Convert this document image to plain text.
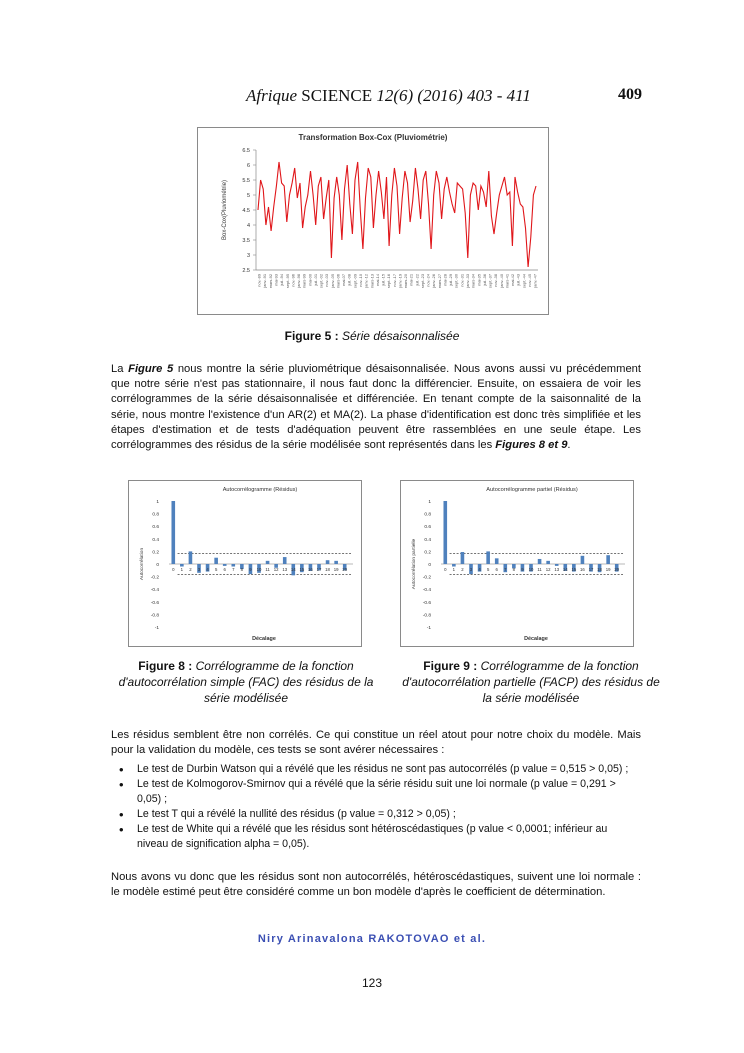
Afrique SCIENCE 12(6) (2016) 403 - 411	409
Transformation Box-Cox (Pluviométrie)
2.5
3
3.5
4
4.5
5
5.5
6
6.5
Box-Cox(Pluviométrie)
nov.-89 janv.-91 mars-92 mai-93 juil.-94 sept.-95 nov.-96 janv.-98 mars-99 mai-00 juil.-01 sept.-02 nov.-03 janv.-05 mars-06 mai-07 juil.-08 sept.-09 nov.-10 janv.-12 mars-13 mai-14 juil.-15 sept.-16 nov.-17 janv.-19 mars-20 mai-21 juil.-22 sept.-23 nov.-24 janv.-26 mars-27 mai-28 juil.-29 sept.-30 nov.-31 janv.-33 mars-34 mai-35 juil.-36 sept.-37 nov.-38 janv.-40 mars-41 mai-42 juil.-43 sept.-44 nov.-45 janv.-47
Figure 5 : Série désaisonnalisée
La Figure 5 nous montre la série pluviométrique désaisonnalisée. Nous avons aussi vu précédemment que notre série n'est pas stationnaire, il nous faut donc la différencier. Ensuite, on essaiera de voir les corrélogrammes de la série désaisonnalisée et différenciée. En tenant compte de la saisonnalité de la série, nous montre l'existence d'un AR(2) et MA(2). La phase d'identification est donc très simplifiée et les étapes d'estimation et de tests d'adéquation peuvent être rassemblées en une seule étape. Les corrélogrammes des résidus de la série modélisée sont représentés dans les Figures 8 et 9.
Autocorrélogramme (Résidus)
-1
-0.8
-0.6
-0.4
-0.2
0
0.2
0.4
0.6
0.8
1
Autocorrélation	0 1 2 3 4 5 6 7 8 9 10 11 12 13 14 15 16 17 18 19 20
Décalage
Figure 8 : Corrélogramme de la fonction d'autocorrélation simple (FAC) des résidus de la série modélisée
Autocorrélogramme partiel (Résidus)
-1
-0.8
-0.6
-0.4
-0.2
0
0.2
0.4
0.6
0.8
1
Autocorrélation partielle	0 1 2 3 4 5 6 7 8 9 10 11 12 13 14 15 16 17 18 19 20
Décalage
Figure 9 : Corrélogramme de la fonction d'autocorrélation partielle (FACP) des résidus de la série modélisée
Les résidus semblent être non corrélés. Ce qui constitue un réel atout pour notre choix du modèle. Mais pour la validation du modèle, ces tests se sont avérer nécessaires :
• Le test de Durbin Watson qui a révélé que les résidus ne sont pas autocorrélés (p value = 0,515 > 0,05) ;
• Le test de Kolmogorov-Smirnov qui a révélé que la série résidu suit une loi normale (p value = 0,291 > 0,05) ;
• Le test T qui a révélé la nullité des résidus (p value = 0,312 > 0,05) ;
• Le test de White qui a révélé que les résidus sont hétéroscédastiques (p value < 0,0001; inférieur au niveau de signification alpha = 0,05).
Nous avons vu donc que les résidus sont non autocorrélés, hétéroscédastiques, suivent une loi normale : le modèle estimé peut être considéré comme un bon modèle d'après le coefficient de détermination.
Niry Arinavalona RAKOTOVAO et al.
123
